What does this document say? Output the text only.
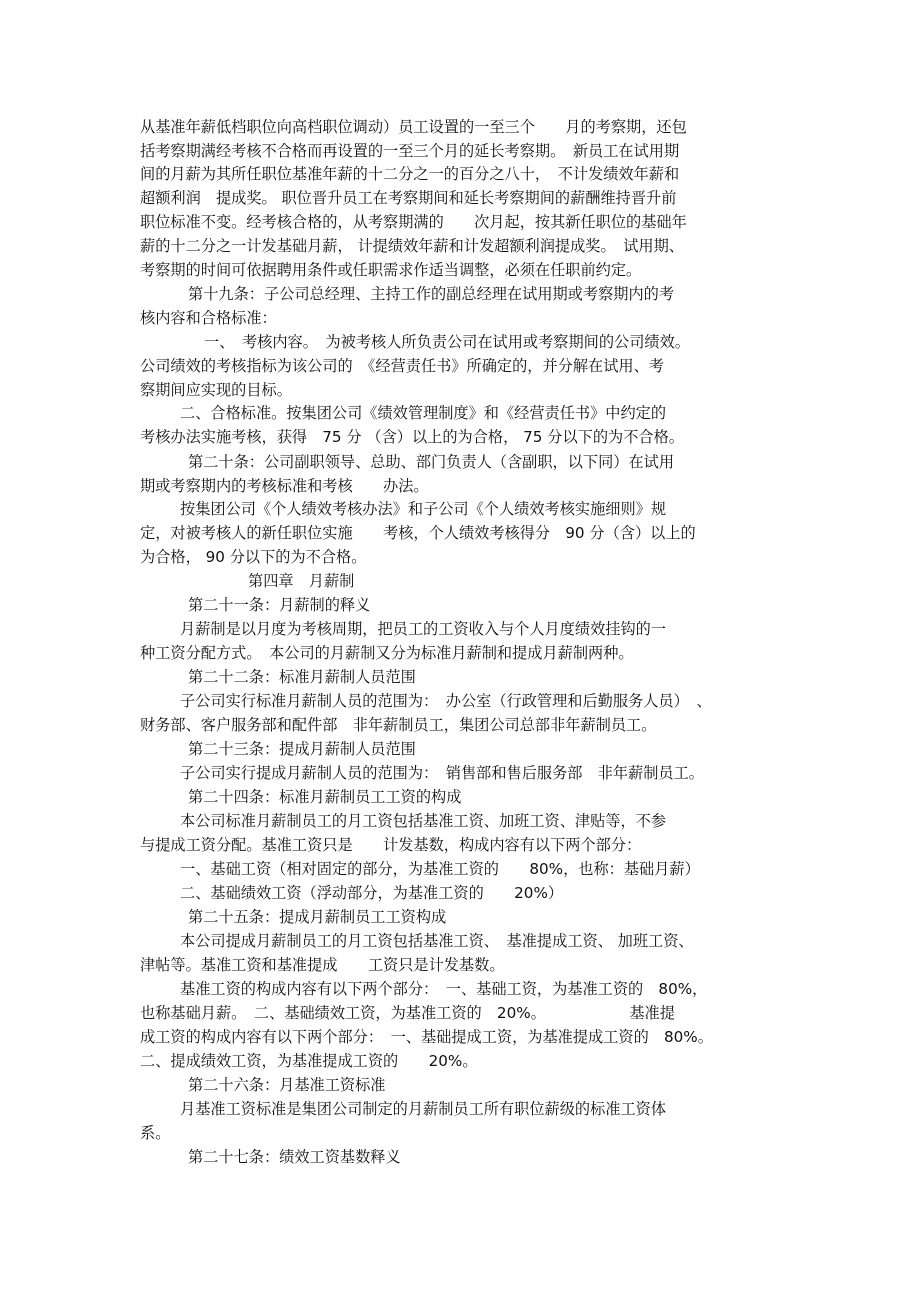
从基准年薪低档职位向高档职位调动）员工设置的一至三个　　月的考察期，还包
括考察期满经考核不合格而再设置的一至三个月的延长考察期。　新员工在试用期
间的月薪为其所任职位基准年薪的十二分之一的百分之八十，　不计发绩效年薪和
超额利润　提成奖。 职位晋升员工在考察期间和延长考察期间的薪酬维持晋升前
职位标准不变。经考核合格的，从考察期满的　　次月起，按其新任职位的基础年
薪的十二分之一计发基础月薪， 计提绩效年薪和计发超额利润提成奖。　试用期、
考察期的时间可依据聘用条件或任职需求作适当调整，必须在任职前约定。
第十九条：子公司总经理、主持工作的副总经理在试用期或考察期内的考
核内容和合格标准：
一、　考核内容。　为被考核人所负责公司在试用或考察期间的公司绩效。
公司绩效的考核指标为该公司的　《经营责任书》所确定的，并分解在试用、考
察期间应实现的目标。
二、合格标准。按集团公司《绩效管理制度》和《经营责任书》中约定的
考核办法实施考核，获得　75 分 （含）以上的为合格， 75 分以下的为不合格。
第二十条：公司副职领导、总助、部门负责人（含副职，以下同）在试用
期或考察期内的考核标准和考核　　办法。
按集团公司《个人绩效考核办法》和子公司《个人绩效考核实施细则》规
定，对被考核人的新任职位实施　　考核，个人绩效考核得分　90 分（含）以上的
为合格， 90 分以下的为不合格。
第四章　月薪制
第二十一条：月薪制的释义
月薪制是以月度为考核周期，把员工的工资收入与个人月度绩效挂钩的一
种工资分配方式。　本公司的月薪制又分为标准月薪制和提成月薪制两种。
第二十二条：标准月薪制人员范围
子公司实行标准月薪制人员的范围为：　办公室（行政管理和后勤服务人员）　、
财务部、客户服务部和配件部　非年薪制员工，集团公司总部非年薪制员工。
第二十三条：提成月薪制人员范围
子公司实行提成月薪制人员的范围为：　销售部和售后服务部　非年薪制员工。
第二十四条：标准月薪制员工工资的构成
本公司标准月薪制员工的月工资包括基准工资、加班工资、津贴等，不参
与提成工资分配。基准工资只是　　计发基数，构成内容有以下两个部分：
一、基础工资（相对固定的部分，为基准工资的　　80%，也称：基础月薪）
二、基础绩效工资（浮动部分，为基准工资的　　20%）
第二十五条：提成月薪制员工工资构成
本公司提成月薪制员工的月工资包括基准工资、　基准提成工资、 加班工资、
津帖等。基准工资和基准提成　　工资只是计发基数。
基准工资的构成内容有以下两个部分：　一、基础工资，为基准工资的　80%，
也称基础月薪。　二、基础绩效工资，为基准工资的　20%。　　　　　　基准提
成工资的构成内容有以下两个部分：　一、基础提成工资，为基准提成工资的　80%。
二、提成绩效工资，为基准提成工资的　　20%。
第二十六条：月基准工资标准
月基准工资标准是集团公司制定的月薪制员工所有职位薪级的标准工资体
系。
第二十七条：绩效工资基数释义
